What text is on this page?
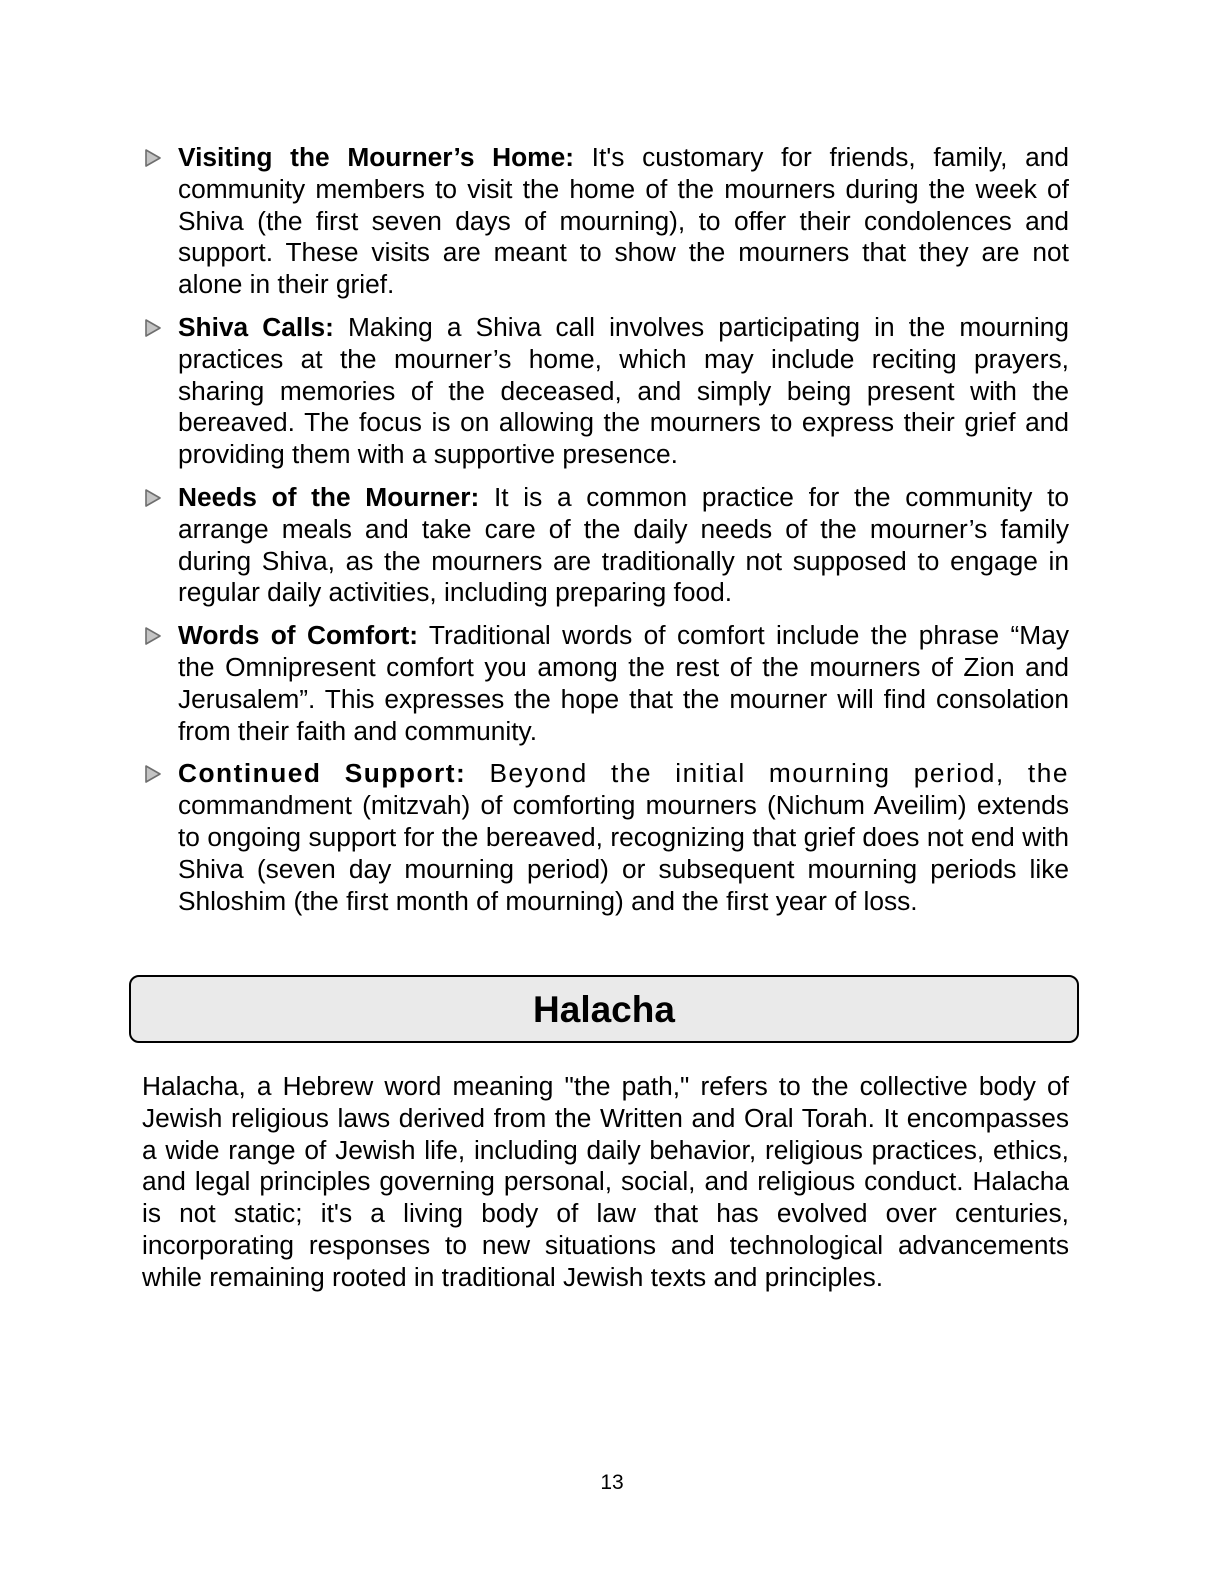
Visiting the Mourner’s Home: It's customary for friends, family, and community members to visit the home of the mourners during the week of Shiva (the first seven days of mourning), to offer their condolences and support. These visits are meant to show the mourners that they are not alone in their grief.
Shiva Calls: Making a Shiva call involves participating in the mourning practices at the mourner’s home, which may include reciting prayers, sharing memories of the deceased, and simply being present with the bereaved. The focus is on allowing the mourners to express their grief and providing them with a supportive presence.
Needs of the Mourner: It is a common practice for the community to arrange meals and take care of the daily needs of the mourner’s family during Shiva, as the mourners are traditionally not supposed to engage in regular daily activities, including preparing food.
Words of Comfort: Traditional words of comfort include the phrase “May the Omnipresent comfort you among the rest of the mourners of Zion and Jerusalem”. This expresses the hope that the mourner will find consolation from their faith and community.
Continued Support: Beyond the initial mourning period, the commandment (mitzvah) of comforting mourners (Nichum Aveilim) extends to ongoing support for the bereaved, recognizing that grief does not end with Shiva (seven day mourning period) or subsequent mourning periods like Shloshim (the first month of mourning) and the first year of loss.
Halacha

Halacha, a Hebrew word meaning "the path," refers to the collective body of Jewish religious laws derived from the Written and Oral Torah. It encompasses a wide range of Jewish life, including daily behavior, religious practices, ethics, and legal principles governing personal, social, and religious conduct. Halacha is not static; it's a living body of law that has evolved over centuries, incorporating responses to new situations and technological advancements while remaining rooted in traditional Jewish texts and principles.

13
